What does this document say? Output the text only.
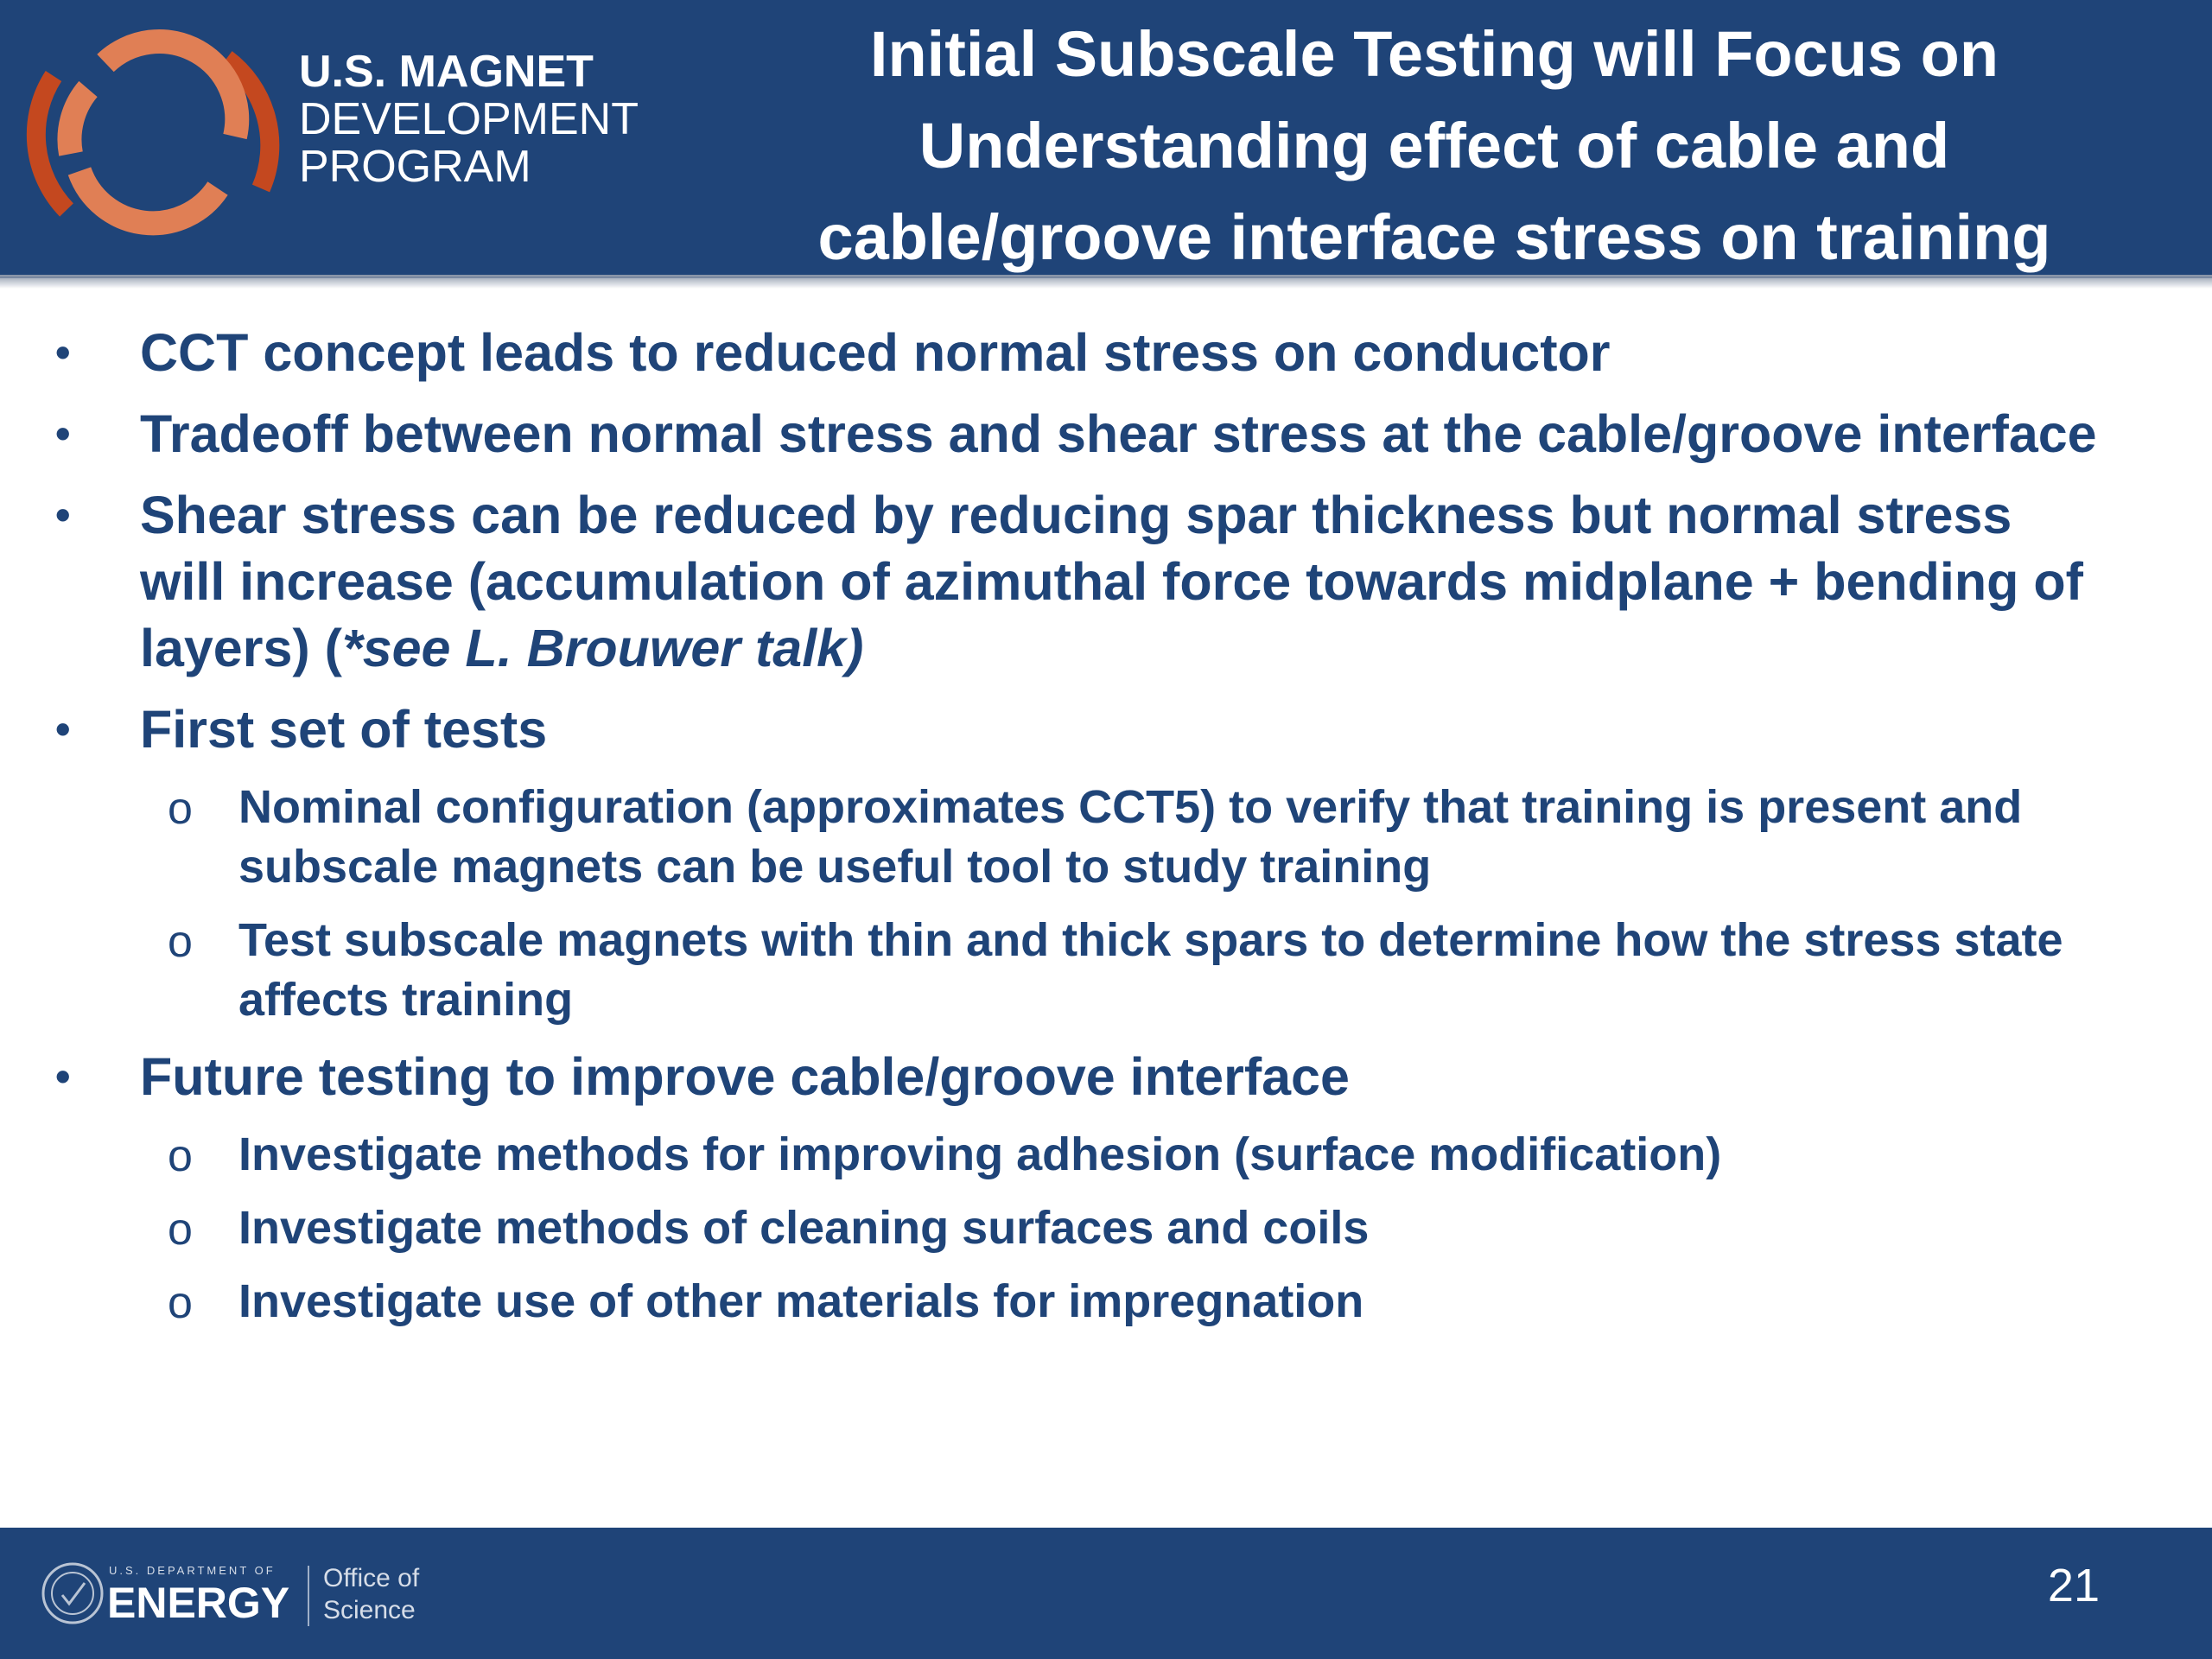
U.S. MAGNET
DEVELOPMENT
PROGRAM
Initial Subscale Testing will Focus on
Understanding effect of cable and
cable/groove interface stress on training
• CCT concept leads to reduced normal stress on conductor
• Tradeoff between normal stress and shear stress at the cable/groove interface
• Shear stress can be reduced by reducing spar thickness but normal stress will increase (accumulation of azimuthal force towards midplane + bending of layers) (*see L. Brouwer talk)
• First set of tests
o Nominal configuration (approximates CCT5) to verify that training is present and subscale magnets can be useful tool to study training
o Test subscale magnets with thin and thick spars to determine how the stress state affects training
• Future testing to improve cable/groove interface
o Investigate methods for improving adhesion (surface modification)
o Investigate methods of cleaning surfaces and coils
o Investigate use of other materials for impregnation
U.S. DEPARTMENT OF
ENERGY
Office of
Science	21
